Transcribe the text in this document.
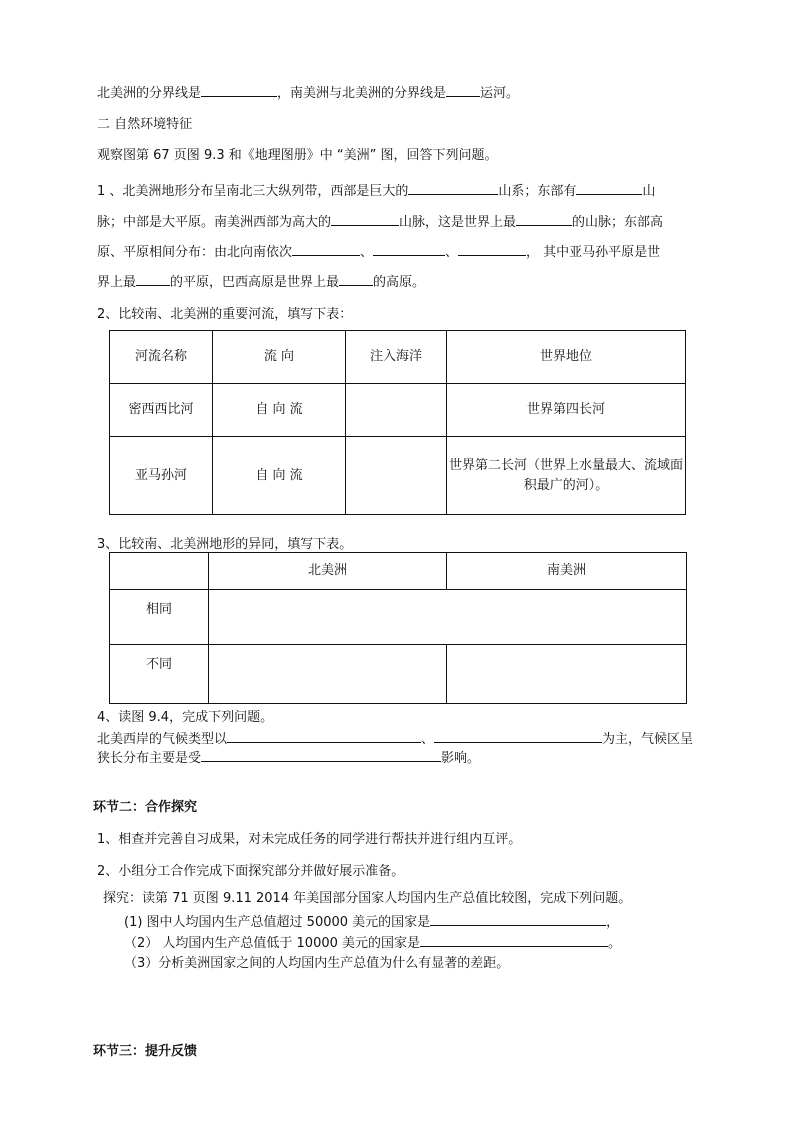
北美洲的分界线是	，南美洲与北美洲的分界线是	运河。
二 自然环境特征
观察图第 67 页图 9.3 和《地理图册》中 “美洲” 图，回答下列问题。
1 、北美洲地形分布呈南北三大纵列带，西部是巨大的	山系；东部有	山
脉；中部是大平原。南美洲西部为高大的	山脉，这是世界上最	的山脉；东部高
原、平原相间分布：由北向南依次	、	、	， 其中亚马孙平原是世
界上最	的平原，巴西高原是世界上最	的高原。
2、比较南、北美洲的重要河流，填写下表：
河流名称	流 向	注入海洋	世界地位
密西西比河	自 向 流		世界第四长河
亚马孙河	自 向 流		世界第二长河（世界上水量最大、流域面积最广的河）。
3、比较南、北美洲地形的异同，填写下表。
	北美洲	南美洲
相同		
不同		
4、读图 9.4，完成下列问题。
北美西岸的气候类型以	、	为主，气候区呈
狭长分布主要是受	影响。
环节二：合作探究
1、相查并完善自习成果，对未完成任务的同学进行帮扶并进行组内互评。
2、小组分工合作完成下面探究部分并做好展示准备。
探究：读第 71 页图 9.11 2014 年美国部分国家人均国内生产总值比较图，完成下列问题。
(1) 图中人均国内生产总值超过 50000 美元的国家是	，
（2） 人均国内生产总值低于 10000 美元的国家是	。
（3）分析美洲国家之间的人均国内生产总值为什么有显著的差距。
环节三：提升反馈
